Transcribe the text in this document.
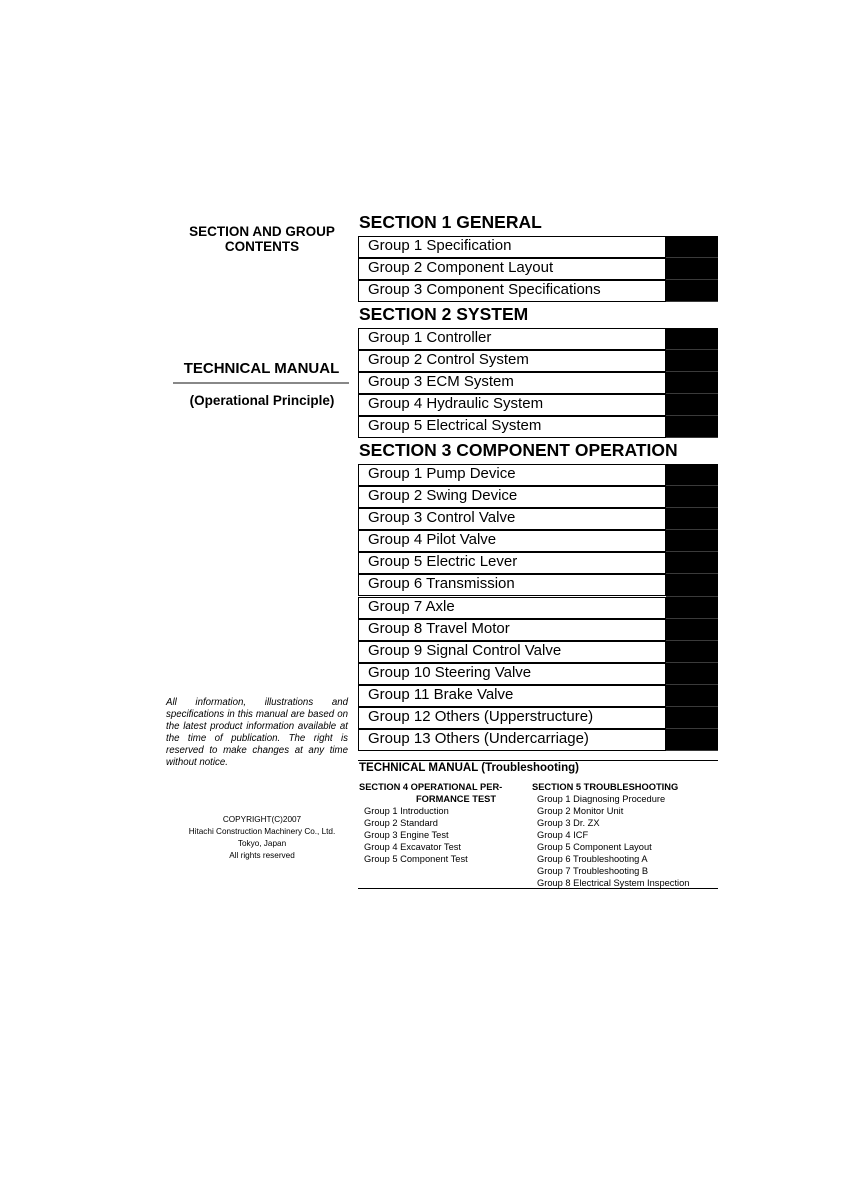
SECTION AND GROUP
CONTENTS
TECHNICAL MANUAL
(Operational Principle)
All information, illustrations and specifications in this manual are based on the latest product information available at the time of publication. The right is reserved to make changes at any time without notice.
COPYRIGHT(C)2007
Hitachi Construction Machinery Co., Ltd.
Tokyo, Japan
All rights reserved
SECTION 1 GENERAL
Group 1 Specification
Group 2 Component Layout
Group 3 Component Specifications
SECTION 2 SYSTEM
Group 1 Controller
Group 2 Control System
Group 3 ECM System
Group 4 Hydraulic System
Group 5 Electrical System
SECTION 3 COMPONENT OPERATION
Group 1 Pump Device
Group 2 Swing Device
Group 3 Control Valve
Group 4 Pilot Valve
Group 5 Electric Lever
Group 6 Transmission
Group 7 Axle
Group 8 Travel Motor
Group 9 Signal Control Valve
Group 10 Steering Valve
Group 11 Brake Valve
Group 12 Others (Upperstructure)
Group 13 Others (Undercarriage)
TECHNICAL MANUAL (Troubleshooting)
SECTION 4 OPERATIONAL PER-
FORMANCE TEST
Group 1 Introduction
Group 2 Standard
Group 3 Engine Test
Group 4 Excavator Test
Group 5 Component Test
SECTION 5 TROUBLESHOOTING
Group 1 Diagnosing Procedure
Group 2 Monitor Unit
Group 3 Dr. ZX
Group 4 ICF
Group 5 Component Layout
Group 6 Troubleshooting A
Group 7 Troubleshooting B
Group 8 Electrical System Inspection
